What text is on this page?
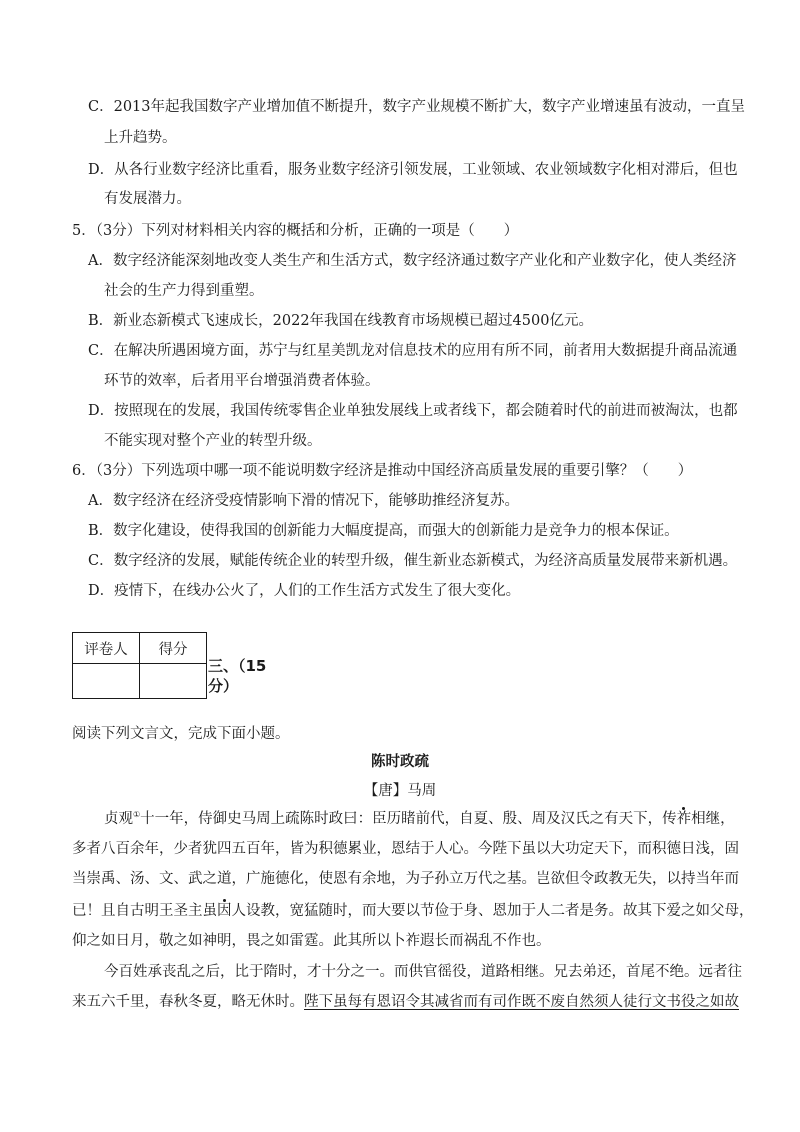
C．2013年起我国数字产业增加值不断提升，数字产业规模不断扩大，数字产业增速虽有波动，一直呈
上升趋势。
D．从各行业数字经济比重看，服务业数字经济引领发展，工业领域、农业领域数字化相对滞后，但也
有发展潜力。
5．（3分）下列对材料相关内容的概括和分析，正确的一项是（　　）
A．数字经济能深刻地改变人类生产和生活方式，数字经济通过数字产业化和产业数字化，使人类经济
社会的生产力得到重塑。
B．新业态新模式飞速成长，2022年我国在线教育市场规模已超过4500亿元。
C．在解决所遇困境方面，苏宁与红星美凯龙对信息技术的应用有所不同，前者用大数据提升商品流通
环节的效率，后者用平台增强消费者体验。
D．按照现在的发展，我国传统零售企业单独发展线上或者线下，都会随着时代的前进而被淘汰，也都
不能实现对整个产业的转型升级。
6．（3分）下列选项中哪一项不能说明数字经济是推动中国经济高质量发展的重要引擎？（　　）
A．数字经济在经济受疫情影响下滑的情况下，能够助推经济复苏。
B．数字化建设，使得我国的创新能力大幅度提高，而强大的创新能力是竞争力的根本保证。
C．数字经济的发展，赋能传统企业的转型升级，催生新业态新模式，为经济高质量发展带来新机遇。
D．疫情下，在线办公火了，人们的工作生活方式发生了很大变化。
评卷人	得分

三、（15
分）
阅读下列文言文，完成下面小题。
陈时政疏
【唐】马周
贞观①十一年，侍御史马周上疏陈时政曰：臣历睹前代，自夏、殷、周及汉氏之有天下，传祚相继，
多者八百余年，少者犹四五百年，皆为积德累业，恩结于人心。今陛下虽以大功定天下，而积德日浅，固
当崇禹、汤、文、武之道，广施德化，使恩有余地，为子孙立万代之基。岂欲但令政教无失，以持当年而
已！且自古明王圣主虽因人设教，宽猛随时，而大要以节俭于身、恩加于人二者是务。故其下爱之如父母，
仰之如日月，敬之如神明，畏之如雷霆。此其所以卜祚遐长而祸乱不作也。
今百姓承丧乱之后，比于隋时，才十分之一。而供官徭役，道路相继。兄去弟还，首尾不绝。远者往
来五六千里，春秋冬夏，略无休时。陛下虽每有恩诏令其减省而有司作既不废自然须人徒行文书役之如故
